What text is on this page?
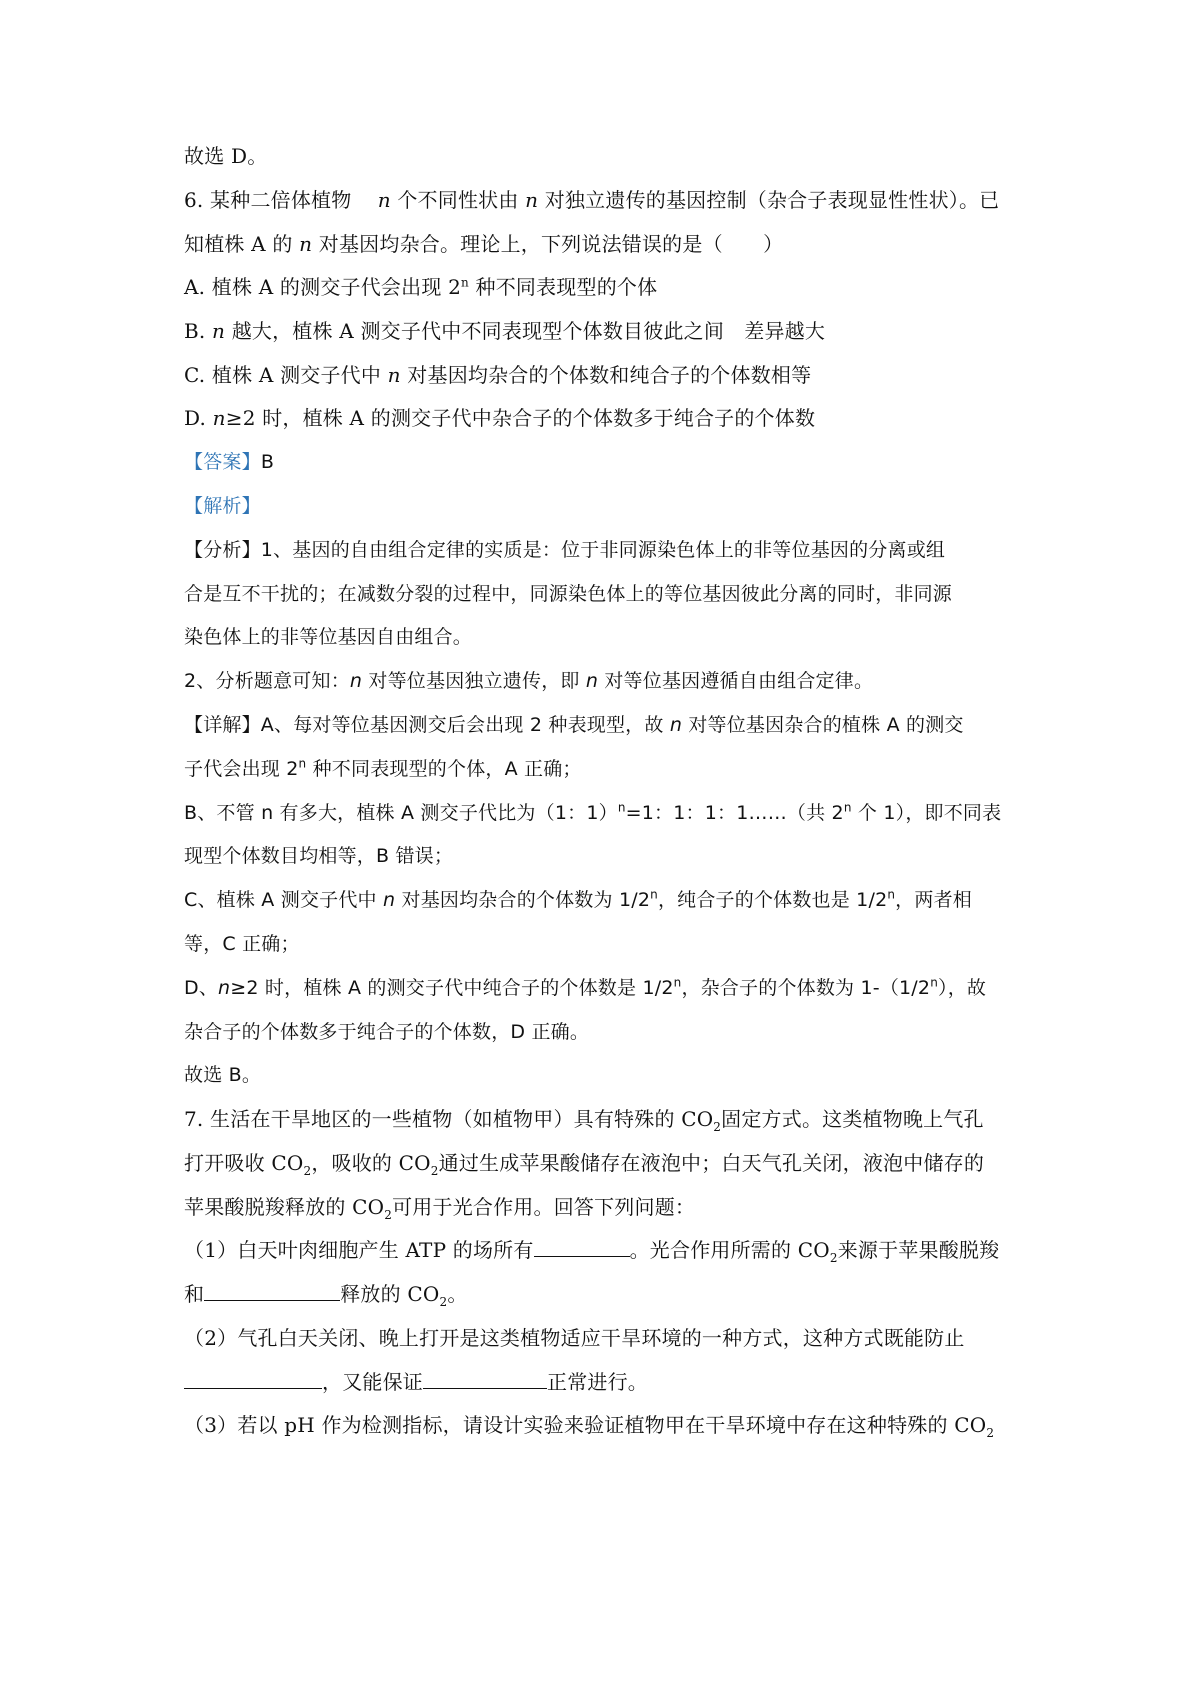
故选 D。
6. 某种二倍体植物 n 个不同性状由 n 对独立遗传的基因控制（杂合子表现显性性状）。已
知植株 A 的 n 对基因均杂合。理论上，下列说法错误的是（　　）
A. 植株 A 的测交子代会出现 2$^n$ 种不同表现型的个体
B. n 越大，植株 A 测交子代中不同表现型个体数目彼此之间　差异越大
C. 植株 A 测交子代中 n 对基因均杂合的个体数和纯合子的个体数相等
D. n≥2 时，植株 A 的测交子代中杂合子的个体数多于纯合子的个体数
【答案】B
【解析】
【分析】1、基因的自由组合定律的实质是：位于非同源染色体上的非等位基因的分离或组
合是互不干扰的；在减数分裂的过程中，同源染色体上的等位基因彼此分离的同时，非同源
染色体上的非等位基因自由组合。
2、分析题意可知：n 对等位基因独立遗传，即 n 对等位基因遵循自由组合定律。
【详解】A、每对等位基因测交后会出现 2 种表现型，故 n 对等位基因杂合的植株 A 的测交
子代会出现 2$^n$ 种不同表现型的个体，A 正确；
B、不管 n 有多大，植株 A 测交子代比为（1：1）$^n$=1：1：1：1……（共 2$^n$ 个 1），即不同表
现型个体数目均相等，B 错误；
C、植株 A 测交子代中 n 对基因均杂合的个体数为 1/2$^n$，纯合子的个体数也是 1/2$^n$，两者相
等，C 正确；
D、n≥2 时，植株 A 的测交子代中纯合子的个体数是 1/2$^n$，杂合子的个体数为 1-（1/2$^n$），故
杂合子的个体数多于纯合子的个体数，D 正确。
故选 B。
7. 生活在干旱地区的一些植物（如植物甲）具有特殊的 $CO_2$固定方式。这类植物晚上气孔
打开吸收 $CO_2$，吸收的 $CO_2$通过生成苹果酸储存在液泡中；白天气孔关闭，液泡中储存的
苹果酸脱羧释放的 $CO_2$可用于光合作用。回答下列问题：
（1）白天叶肉细胞产生 ATP 的场所有	。光合作用所需的 $CO_2$来源于苹果酸脱羧
和	释放的 $CO_2$。
（2）气孔白天关闭、晚上打开是这类植物适应干旱环境的一种方式，这种方式既能防止
，又能保证	正常进行。
（3）若以 pH 作为检测指标，请设计实验来验证植物甲在干旱环境中存在这种特殊的 $CO_2$
